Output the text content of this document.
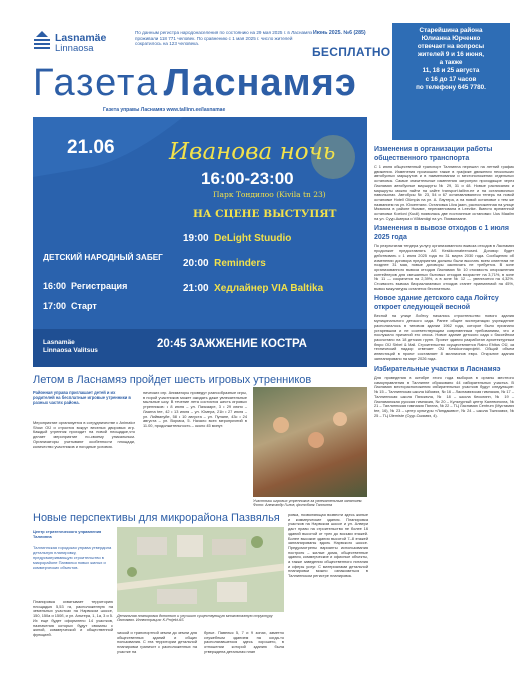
Lasnamäe
Linnaosa
По данным регистра народонаселения по состоянию на 29 мая 2025 г. в Ласнамяэ проживали 118 771 человек. По сравнению с 1 мая 2025 г. число жителей сократилось на 123 человека.
Июнь 2025. №6 (285)
БЕСПЛАТНО
Старейшина района
Юлианна Юрченко
отвечает на вопросы
жителей 9 и 16 июня,
а также
11, 18 и 25 августа
с 16 до 17 часов
по телефону 645 7780.
Газета Ласнамяэ
Газета управы Ласнамяэ www.tallinn.ee/lasnamae
21.06 Иванова ночь
16:00-23:00
Парк Тондилоо (Kivila tn 23)
НА СЦЕНЕ ВЫСТУПЯТ
19:00 DeLight Stuudio
20:00 Reminders
21:00 Хедлайнер VIA Baltika
ДЕТСКИЙ НАРОДНЫЙ ЗАБЕГ
16:00 Регистрация
17:00 Старт
Lasnamäe
Linnaosa Valitsus	20:45 ЗАЖЖЕНИЕ КОСТРА
Изменения в организации работы общественного транспорта
С 1 июня общественный транспорт Таллинна перешел на летний график движения. Изменения произошли также в графике движения нескольких автобусных маршрутов и в наименовании и местоположении отдельных остановок. Самые значительные изменения затронули проходящие через Ласнамяэ автобусные маршруты № 29, 31 и 48. Новые расписания и маршруты можно найти на сайте transport.tallinn.ee и на остановочных павильонах. Автобусы № 23, 54 и 67 останавливаются теперь на новой остановке Hotell Olümpia на ул. А. Лаутера, а на новой остановке с тем же названием на ул. Юхкентали. Остановка Liiva jaam, расположенная на улице Мяэкюла в районе Нымме, переименована в Leevike. Вместо временной остановки Koeloni (Kuuli) появилась две постоянные остановки: Uus Maailm на ул. Суур-Амерка и Võitamägi на ул. Пяявалаане.
Изменения в вывозе отходов с 1 июля 2025 года
По результатам тендера услугу организованного вывоза отходов в Ласнамяэ продолжит предоставлять AS Keskkonnateenused. Договор будет действовать с 1 июля 2025 года по 31 марта 2030 года. Сообщения об изменении договора предприятия должны были выслать всем клиентам не позднее 31 мая, новые договоры заключать не требуется. В зоне организованного вывоза отходов Ласнамяэ № 10 стоимость опорожнения контейнеров для смешанных бытовых отходов возрастет на 3,71%, в зоне № 11 — сократится на 2,39%, а в зоне № 12 — увеличится на 4,32%. Стоимость вывоза биоразлагаемых отходов станет приемлемой на 45%, вывоз макулатуры останется бесплатным.
Новое здание детского сада Лойтсу откроет следующей весной
Весной на улице Лойтсу начались строительство нового здания муниципального детского сада. Ранее общее эксплуатации учреждение располагалось в типовом здании 1962 года, которое было признано устаревшим и не соответствующим современным требованиям, что и послужило причиной его сноса. Новое здание детского сада с бассейном рассчитано на 18 детских групп. Проект здания разработан архитектурным бюро OÜ Sirbel & Mall. Строительство осуществляется Rainu Ehitus OÜ, за технический надзор отвечает OÜ Keskkonnaprojekt. Общий объем инвестиций в проект составляет 8 миллионов евро. Открытие здания запланировано на март 2026 года.
Избирательные участки в Ласнамяэ
Для проведения в октябре этого года выборов в органы местного самоуправления в Таллинне образовано 44 избирательных участка. В Ласнамяэ месторасположения избирательных участков будут следующие: № 15 – Таллиннская школа Ыйсмяэ, № 16 – Ласнамяэская гимназия, № 17 – Таллиннская школа Пяэскюла, № 18 – школа Кесклинн, № 19 – Ласнамяэская русская гимназия, № 20 – Культурный центр Калевипоэга, № 21 – Таллиннская гимназия Пяэгла, № 22 – ТЦ Ласнамяэ Centrum (Мустамяэ tee, 16), № 23 – центр культуры «Линдакиви», № 24 – школа Тынисмяэ, № 25 – ТЦ Ülemiste (Суур-Сыямяэ, 4).
Летом в Ласнамяэ пройдет шесть игровых утренников
Районная управа приглашает детей и их родителей на бесплатные игровые утренники в разных частях района.
Мероприятие организуется в сотрудничестве с Animator Show OÜ и строится вокруг веселых дворовых игр. Каждый утренник проходит на новой площадке,что делает мероприятие по-своему уникальным. Организаторы учитывают особенности площади, количество участников и погодные условия.
нических игр. Аниматоры проведут разнообразные игры, в порой участников может ожидать даже увлекательные мыльные шоу. В течение лета состоятся шесть игровых утренников: • 8 июня – ул. Паэкааре, 3 • 29 июня – Лаагна tee, 42 • 13 июля – ул. Юмера, 21b • 27 июля – ул. Лийвапуйе, 58 • 10 августа – ул. Пунане, 43с • 24 августа – ул. Вормса, 5. Начало всех мероприятий в 11.00, продолжительность – около 45 минут.
Участники игровых утренников за увлекательным занятием. Фото: Александр Гилов, фотобанк Таллинна
Новые перспективы для микрорайона Пазвялья
Центр стратегического управления Таллинна
Таллиннская городская управа утвердила детальную планировку, предусматривающую строительство в микрорайоне Паэвялья новых жилых и коммерческих объектов.
Планировка охватывает территорию площадью 5,53 га, расположенную на земельных участках на Нарвском шоссе, 150, 150a и 150б, и ул. Альтера, 1, 1a, 3 и 5. Их еще будет оформлено 14 участков, назначения которых будут связаны с жилой, коммерческой и общественной функцией.
Детальная планировка дополнит и улучшит существующую многоэтажную структуру Ласнамяэ. Иллюстрация: K-Projekt AS
чиской и транспортной земли до земли для общественных зданий и общих пользования. С эта территории детальной планировки граничит с расположенных на участке на
булье. Павелья 5, 7 и 9 зонах, заметно служебным зданием на когда-то располагавшегося здесь хорошего, в отношении которой зданию была утверждена детальная план
ровка, позволяющая возвести здесь жилые и коммерческие здания. Планировка участков на Нарвском шоссе и ул. Алвери даст право на строительство не более 16 зданий высотой от трех до восьми этажей. Более высокие здания высотой 7–8 этажей запланированы вдоль Нарвского шоссе. Предусмотрены варианты использования построек – жилые дома, общественные здания, коммерческие и офисные объекты, а также заведения общественного питания и сферы услуг. С материалами детальной планировки можно ознакомиться в Таллиннском регистре планировок.
